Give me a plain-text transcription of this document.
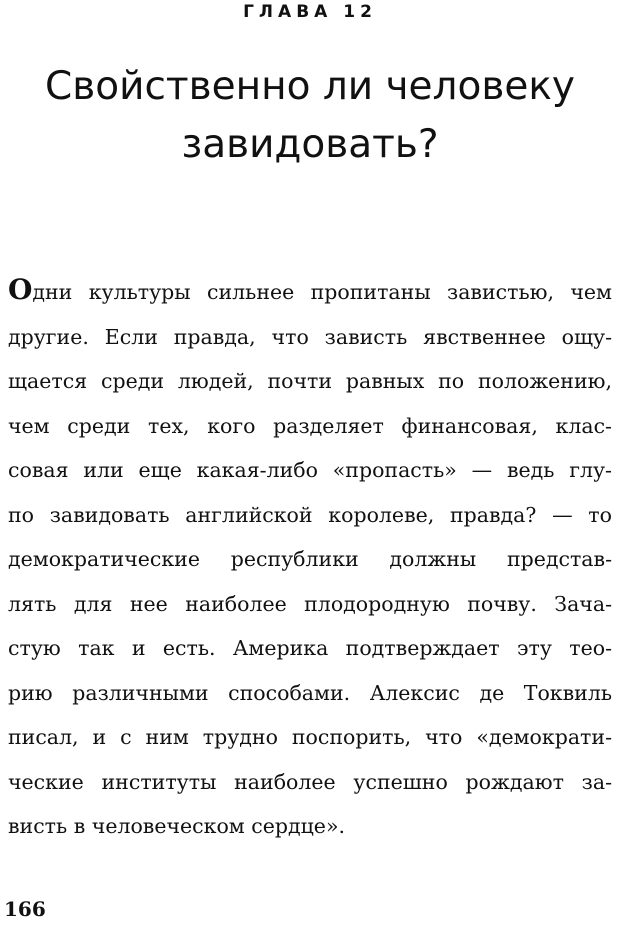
ГЛАВА 12
Свойственно ли человеку
завидовать?
Одни культуры сильнее пропитаны завистью, чем
другие. Если правда, что зависть явственнее ощу-
щается среди людей, почти равных по положению,
чем среди тех, кого разделяет финансовая, клас-
совая или еще какая-либо «пропасть» — ведь глу-
по завидовать английской королеве, правда? — то
демократические республики должны представ-
лять для нее наиболее плодородную почву. Зача-
стую так и есть. Америка подтверждает эту тео-
рию различными способами. Алексис де Токвиль
писал, и с ним трудно поспорить, что «демократи-
ческие институты наиболее успешно рождают за-
висть в человеческом сердце».
166
